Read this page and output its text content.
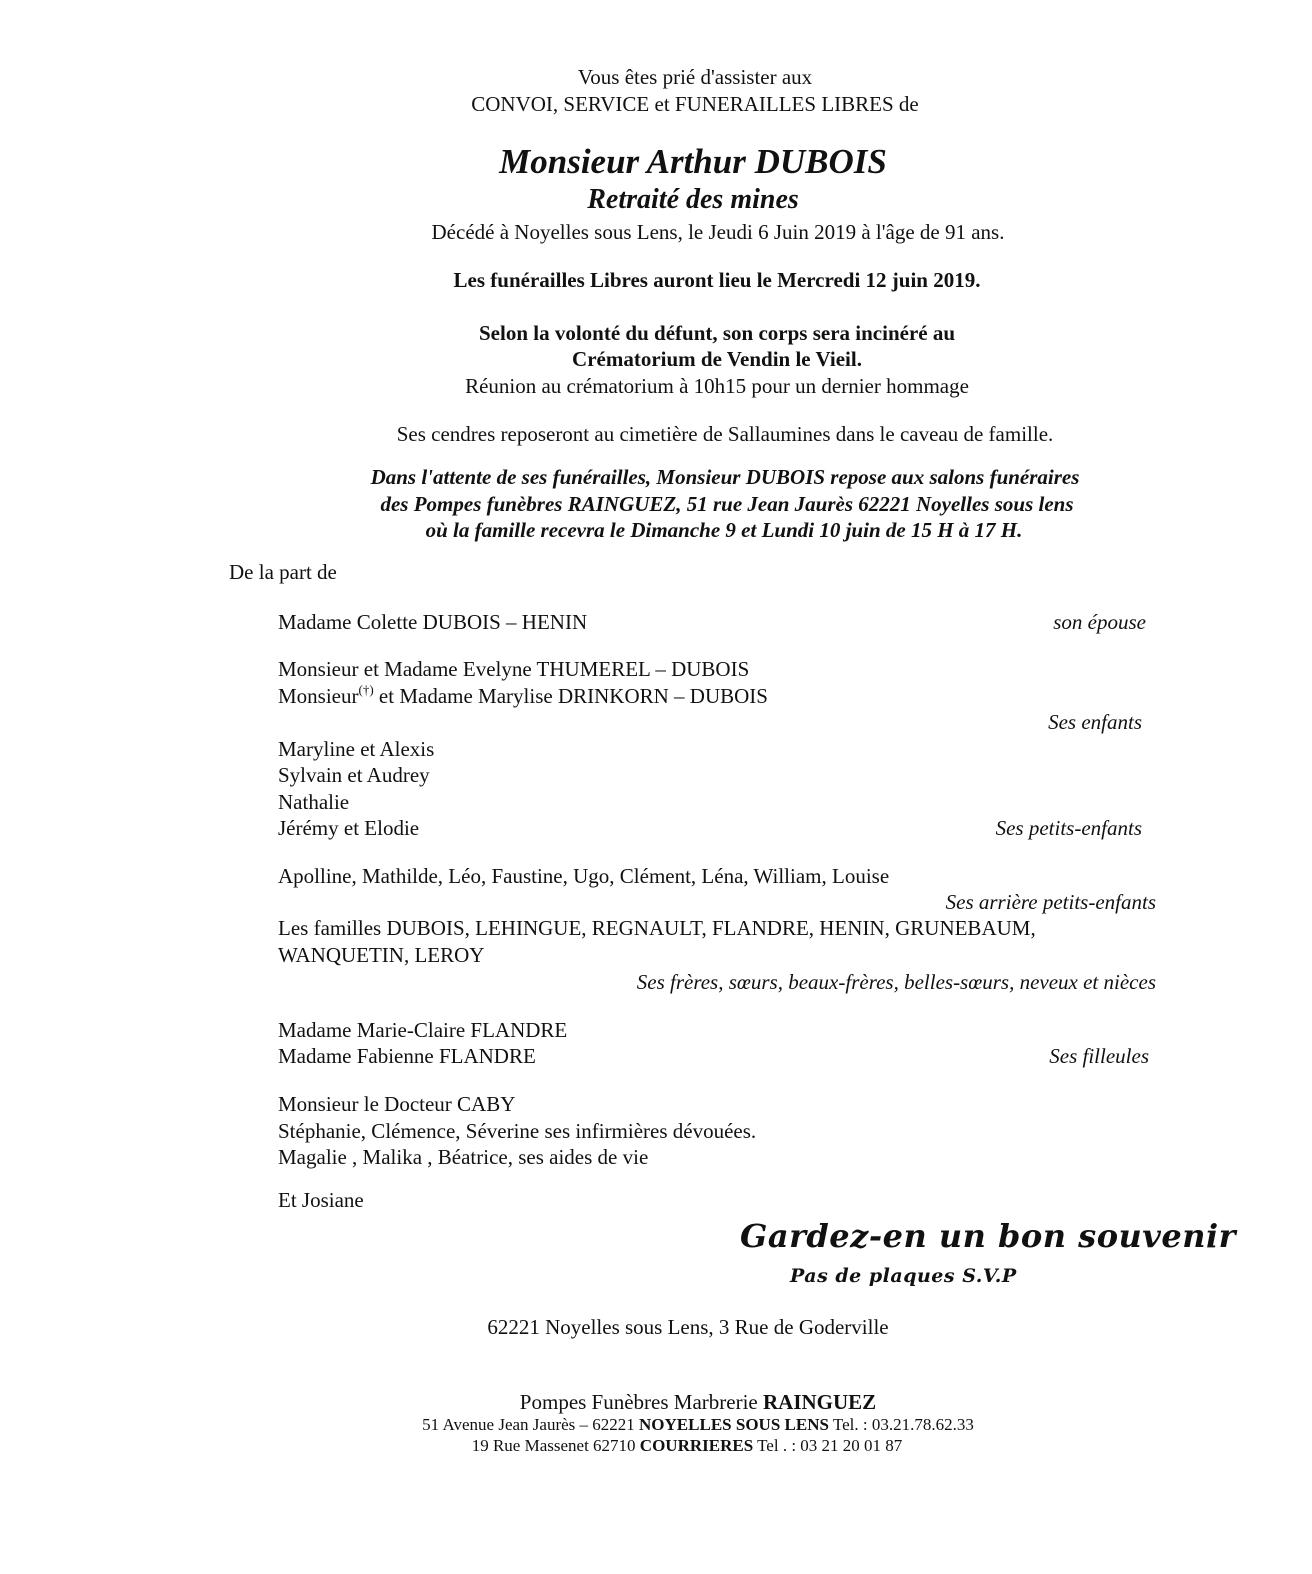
Vous êtes prié d'assister aux
CONVOI, SERVICE et FUNERAILLES LIBRES de
Monsieur Arthur DUBOIS
Retraité des mines
Décédé à Noyelles sous Lens, le Jeudi 6 Juin 2019 à l'âge de 91 ans.
Les funérailles Libres auront lieu le Mercredi 12 juin 2019.
Selon la volonté du défunt, son corps sera incinéré au
Crématorium de Vendin le Vieil.
Réunion au crématorium à 10h15 pour un dernier hommage
Ses cendres reposeront au cimetière de Sallaumines dans le caveau de famille.
Dans l'attente de ses funérailles, Monsieur DUBOIS repose aux salons funéraires
des Pompes funèbres RAINGUEZ, 51 rue Jean Jaurès 62221 Noyelles sous lens
où la famille recevra le Dimanche 9 et Lundi 10 juin de 15 H à 17 H.
De la part de
Madame Colette DUBOIS – HENIN	son épouse
Monsieur et Madame Evelyne THUMEREL – DUBOIS
Monsieur(†) et Madame Marylise DRINKORN – DUBOIS
Ses enfants
Maryline et Alexis
Sylvain et Audrey
Nathalie
Jérémy et Elodie	Ses petits-enfants
Apolline, Mathilde, Léo, Faustine, Ugo, Clément, Léna, William, Louise
Ses arrière petits-enfants
Les familles DUBOIS, LEHINGUE, REGNAULT, FLANDRE, HENIN, GRUNEBAUM,
WANQUETIN, LEROY
Ses frères, sœurs, beaux-frères, belles-sœurs, neveux et nièces
Madame Marie-Claire FLANDRE
Madame Fabienne FLANDRE	Ses filleules
Monsieur le Docteur CABY
Stéphanie, Clémence, Séverine ses infirmières dévouées.
Magalie , Malika , Béatrice, ses aides de vie
Et Josiane
Gardez-en un bon souvenir
Pas de plaques S.V.P
62221 Noyelles sous Lens, 3 Rue de Goderville
Pompes Funèbres Marbrerie RAINGUEZ
51 Avenue Jean Jaurès – 62221 NOYELLES SOUS LENS Tel. : 03.21.78.62.33
19 Rue Massenet 62710 COURRIERES Tel . : 03 21 20 01 87
